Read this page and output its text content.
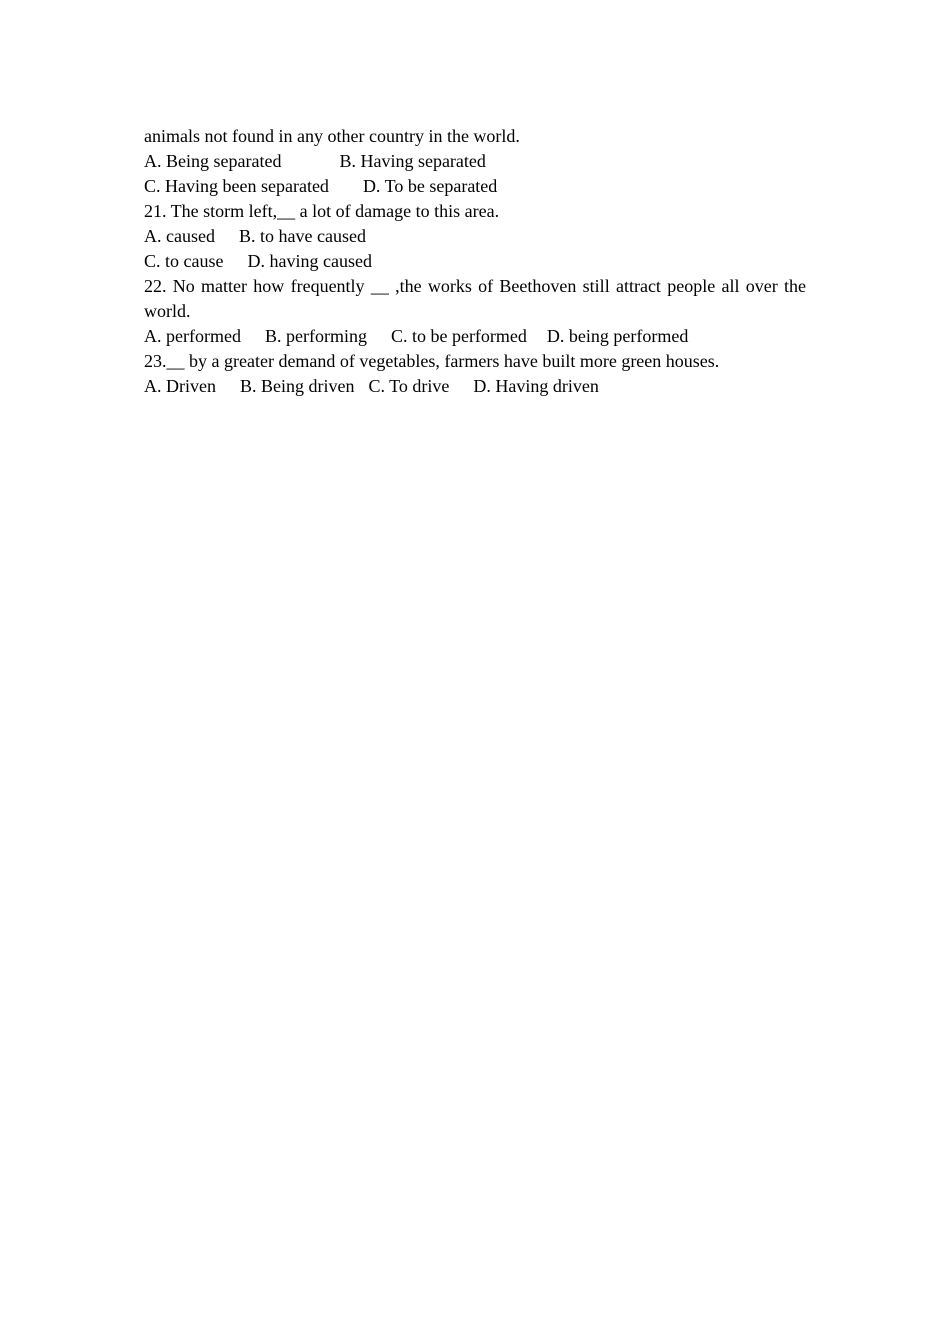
animals not found in any other country in the world.
A. Being separated	B. Having separated
C. Having been separated D. To be separated
21. The storm left,__ a lot of damage to this area.
A. caused B. to have caused
C. to cause D. having caused
22. No matter how frequently __ ,the works of Beethoven still attract people all over the world.
A. performed B. performing C. to be performed D. being performed
23.__ by a greater demand of vegetables, farmers have built more green houses.
A. Driven B. Being driven C. To drive D. Having driven
